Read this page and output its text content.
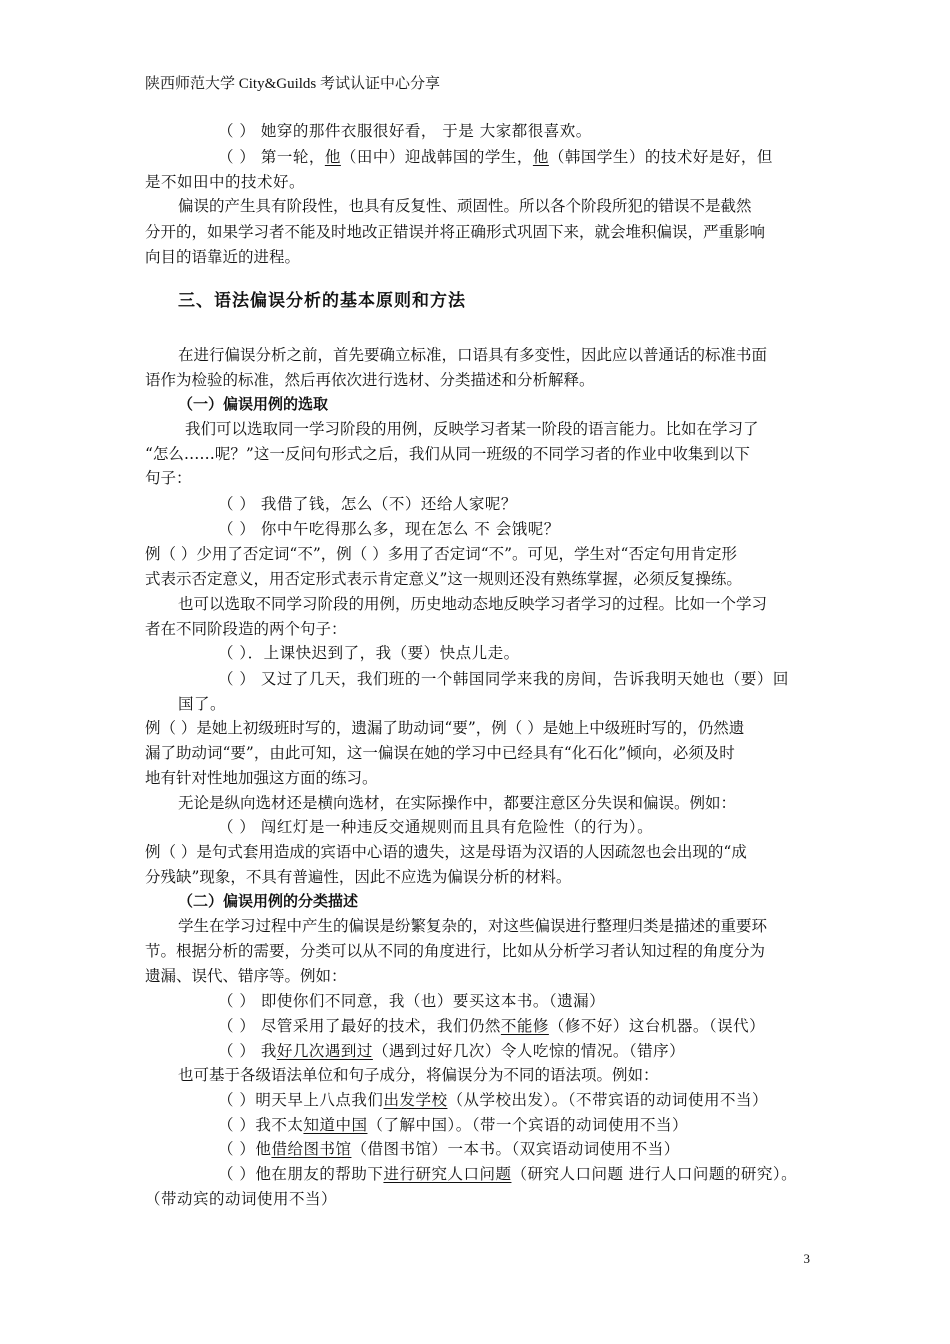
陕西师范大学 City&Guilds 考试认证中心分享
（ ） 她穿的那件衣服很好看， 于是 大家都很喜欢。
（ ） 第一轮，他（田中）迎战韩国的学生，他（韩国学生）的技术好是好，但
是不如田中的技术好。
偏误的产生具有阶段性，也具有反复性、顽固性。所以各个阶段所犯的错误不是截然
分开的，如果学习者不能及时地改正错误并将正确形式巩固下来，就会堆积偏误，严重影响
向目的语靠近的进程。
三、语法偏误分析的基本原则和方法
在进行偏误分析之前，首先要确立标准，口语具有多变性，因此应以普通话的标准书面
语作为检验的标准，然后再依次进行选材、分类描述和分析解释。
（一）偏误用例的选取
我们可以选取同一学习阶段的用例，反映学习者某一阶段的语言能力。比如在学习了
“怎么……呢？”这一反问句形式之后，我们从同一班级的不同学习者的作业中收集到以下
句子：
（ ） 我借了钱，怎么（不）还给人家呢？
（ ） 你中午吃得那么多，现在怎么 不 会饿呢？
例（ ）少用了否定词“不”，例（ ）多用了否定词“不”。可见，学生对“否定句用肯定形
式表示否定意义，用否定形式表示肯定意义”这一规则还没有熟练掌握，必须反复操练。
也可以选取不同学习阶段的用例，历史地动态地反映学习者学习的过程。比如一个学习
者在不同阶段造的两个句子：
（ ）．上课快迟到了，我（要）快点儿走。
（ ） 又过了几天，我们班的一个韩国同学来我的房间，告诉我明天她也（要）回
国了。
例（ ）是她上初级班时写的，遗漏了助动词“要”，例（ ）是她上中级班时写的，仍然遗
漏了助动词“要”，由此可知，这一偏误在她的学习中已经具有“化石化”倾向，必须及时
地有针对性地加强这方面的练习。
无论是纵向选材还是横向选材，在实际操作中，都要注意区分失误和偏误。例如：
（ ） 闯红灯是一种违反交通规则而且具有危险性（的行为）。
例（ ）是句式套用造成的宾语中心语的遗失，这是母语为汉语的人因疏忽也会出现的“成
分残缺”现象，不具有普遍性，因此不应选为偏误分析的材料。
（二）偏误用例的分类描述
学生在学习过程中产生的偏误是纷繁复杂的，对这些偏误进行整理归类是描述的重要环
节。根据分析的需要，分类可以从不同的角度进行，比如从分析学习者认知过程的角度分为
遗漏、误代、错序等。例如：
（ ） 即使你们不同意，我（也）要买这本书。（遗漏）
（ ） 尽管采用了最好的技术，我们仍然不能修（修不好）这台机器。（误代）
（ ） 我好几次遇到过（遇到过好几次）令人吃惊的情况。（错序）
也可基于各级语法单位和句子成分，将偏误分为不同的语法项。例如：
（ ）明天早上八点我们出发学校（从学校出发）。（不带宾语的动词使用不当）
（ ）我不太知道中国（了解中国）。（带一个宾语的动词使用不当）
（ ）他借给图书馆（借图书馆）一本书。（双宾语动词使用不当）
（ ）他在朋友的帮助下进行研究人口问题（研究人口问题 进行人口问题的研究）。
（带动宾的动词使用不当）
3
